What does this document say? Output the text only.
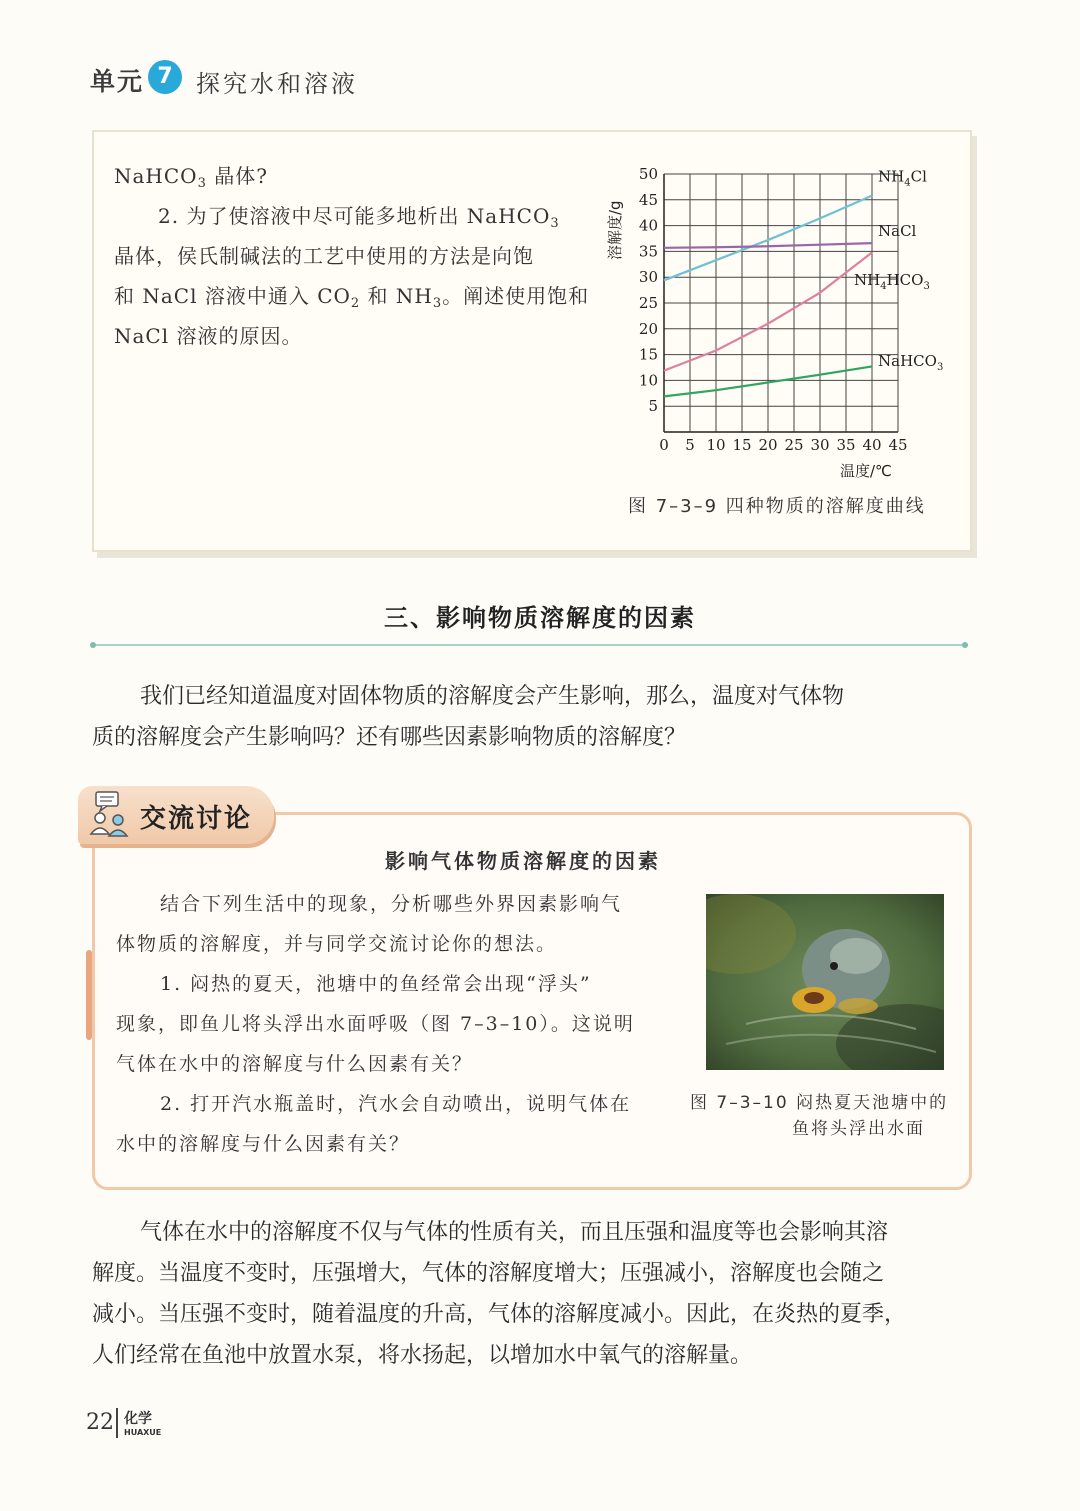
单元 7 探究水和溶液
NaHCO$_3$ 晶体?
2. 为了使溶液中尽可能多地析出 NaHCO$_3$
晶体，侯氏制碱法的工艺中使用的方法是向饱
和 NaCl 溶液中通入 $CO_2$ 和 $NH_3$。阐述使用饱和
NaCl 溶液的原因。
0 5 10 15 20 25 30 35 40 45
5
10
15
20
25
30
35
40
45
50
溶解度/g
温度/℃
$NH_4Cl$
NaCl
$NH_4HCO_3$
NaHCO$_3$
图 7–3–9 四种物质的溶解度曲线
三、影响物质溶解度的因素
我们已经知道温度对固体物质的溶解度会产生影响，那么，温度对气体物
质的溶解度会产生影响吗？还有哪些因素影响物质的溶解度？
交流讨论
影响气体物质溶解度的因素
结合下列生活中的现象，分析哪些外界因素影响气
体物质的溶解度，并与同学交流讨论你的想法。
1. 闷热的夏天，池塘中的鱼经常会出现“浮头”
现象，即鱼儿将头浮出水面呼吸（图 7–3–10）。这说明
气体在水中的溶解度与什么因素有关？
2. 打开汽水瓶盖时，汽水会自动喷出，说明气体在
水中的溶解度与什么因素有关？
图 7–3–10 闷热夏天池塘中的
鱼将头浮出水面
气体在水中的溶解度不仅与气体的性质有关，而且压强和温度等也会影响其溶
解度。当温度不变时，压强增大，气体的溶解度增大；压强减小，溶解度也会随之
减小。当压强不变时，随着温度的升高，气体的溶解度减小。因此，在炎热的夏季，
人们经常在鱼池中放置水泵，将水扬起，以增加水中氧气的溶解量。
22 化学
HUAXUE
